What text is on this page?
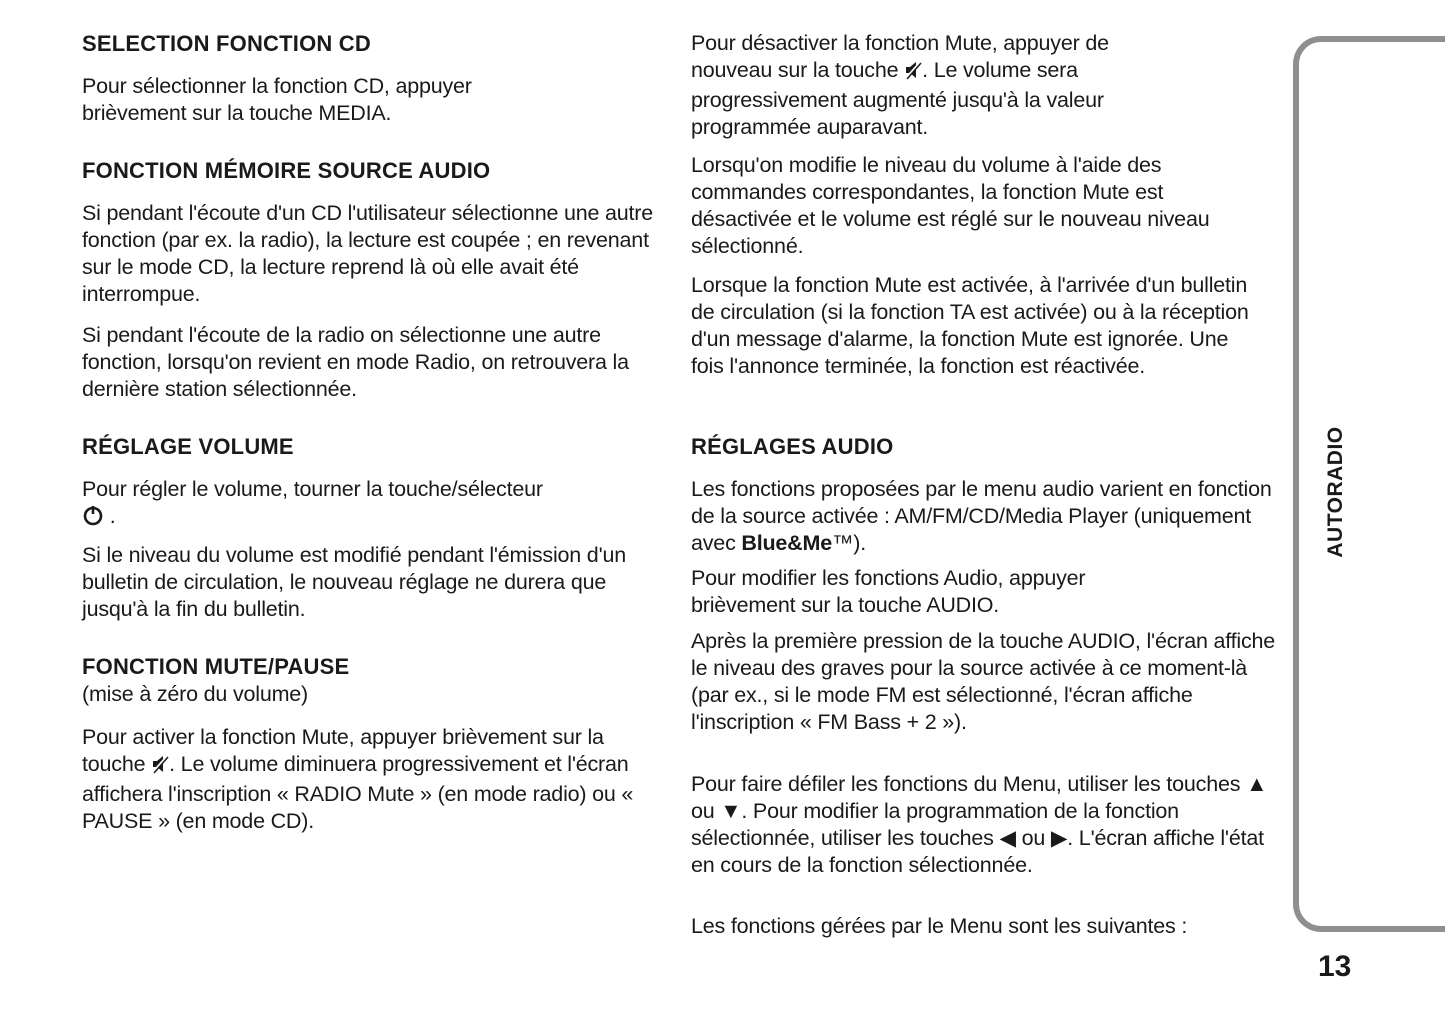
SELECTION FONCTION CD

Pour sélectionner la fonction CD, appuyer brièvement sur la touche MEDIA.

FONCTION MÉMOIRE SOURCE AUDIO

Si pendant l'écoute d'un CD l'utilisateur sélectionne une autre fonction (par ex. la radio), la lecture est coupée ; en revenant sur le mode CD, la lecture reprend là où elle avait été interrompue.

Si pendant l'écoute de la radio on sélectionne une autre fonction, lorsqu'on revient en mode Radio, on retrouvera la dernière station sélectionnée.

RÉGLAGE VOLUME

Pour régler le volume, tourner la touche/sélecteur
.

Si le niveau du volume est modifié pendant l'émission d'un bulletin de circulation, le nouveau réglage ne durera que jusqu'à la fin du bulletin.

FONCTION MUTE/PAUSE

(mise à zéro du volume)

Pour activer la fonction Mute, appuyer brièvement sur la touche . Le volume diminuera progressivement et l'écran affichera l'inscription « RADIO Mute » (en mode radio) ou « PAUSE » (en mode CD).

Pour désactiver la fonction Mute, appuyer de nouveau sur la touche . Le volume sera progressivement augmenté jusqu'à la valeur programmée auparavant.

Lorsqu'on modifie le niveau du volume à l'aide des commandes correspondantes, la fonction Mute est désactivée et le volume est réglé sur le nouveau niveau sélectionné.

Lorsque la fonction Mute est activée, à l'arrivée d'un bulletin de circulation (si la fonction TA est activée) ou à la réception d'un message d'alarme, la fonction Mute est ignorée. Une fois l'annonce terminée, la fonction est réactivée.

RÉGLAGES AUDIO

Les fonctions proposées par le menu audio varient en fonction de la source activée : AM/FM/CD/Media Player (uniquement avec Blue&Me™).

Pour modifier les fonctions Audio, appuyer brièvement sur la touche AUDIO.

Après la première pression de la touche AUDIO, l'écran affiche le niveau des graves pour la source activée à ce moment-là (par ex., si le mode FM est sélectionné, l'écran affiche l'inscription « FM Bass + 2 »).

Pour faire défiler les fonctions du Menu, utiliser les touches ▲ ou ▼. Pour modifier la programmation de la fonction sélectionnée, utiliser les touches ◀ ou ▶. L'écran affiche l'état en cours de la fonction sélectionnée.

Les fonctions gérées par le Menu sont les suivantes :

AUTORADIO
13
